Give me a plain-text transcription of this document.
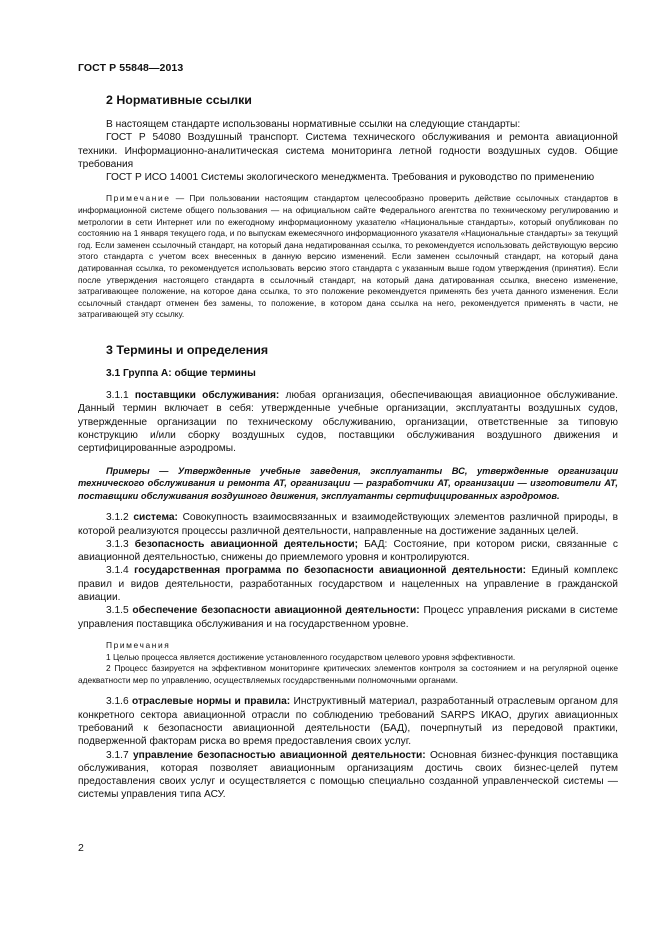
ГОСТ Р 55848—2013
2 Нормативные ссылки

В настоящем стандарте использованы нормативные ссылки на следующие стандарты:

ГОСТ Р 54080 Воздушный транспорт. Система технического обслуживания и ремонта авиационной техники. Информационно-аналитическая система мониторинга летной годности воздушных судов. Общие требования

ГОСТ Р ИСО 14001 Системы экологического менеджмента. Требования и руководство по применению

Примечание — При пользовании настоящим стандартом целесообразно проверить действие ссылочных стандартов в информационной системе общего пользования — на официальном сайте Федерального агентства по техническому регулированию и метрологии в сети Интернет или по ежегодному информационному указателю «Национальные стандарты», который опубликован по состоянию на 1 января текущего года, и по выпускам ежемесячного информационного указателя «Национальные стандарты» за текущий год. Если заменен ссылочный стандарт, на который дана недатированная ссылка, то рекомендуется использовать действующую версию этого стандарта с учетом всех внесенных в данную версию изменений. Если заменен ссылочный стандарт, на который дана датированная ссылка, то рекомендуется использовать версию этого стандарта с указанным выше годом утверждения (принятия). Если после утверждения настоящего стандарта в ссылочный стандарт, на который дана датированная ссылка, внесено изменение, затрагивающее положение, на которое дана ссылка, то это положение рекомендуется применять без учета данного изменения. Если ссылочный стандарт отменен без замены, то положение, в котором дана ссылка на него, рекомендуется применять в части, не затрагивающей эту ссылку.

3 Термины и определения
3.1 Группа А: общие термины

3.1.1 поставщики обслуживания: любая организация, обеспечивающая авиационное обслуживание. Данный термин включает в себя: утвержденные учебные организации, эксплуатанты воздушных судов, утвержденные организации по техническому обслуживанию, организации, ответственные за типовую конструкцию и/или сборку воздушных судов, поставщики обслуживания воздушного движения и сертифицированные аэродромы.

Примеры — Утвержденные учебные заведения, эксплуатанты ВС, утвержденные организации технического обслуживания и ремонта АТ, организации — разработчики АТ, организации — изготовители АТ, поставщики обслуживания воздушного движения, эксплуатанты сертифицированных аэродромов.

3.1.2 система: Совокупность взаимосвязанных и взаимодействующих элементов различной природы, в которой реализуются процессы различной деятельности, направленные на достижение заданных целей.

3.1.3 безопасность авиационной деятельности; БАД: Состояние, при котором риски, связанные с авиационной деятельностью, снижены до приемлемого уровня и контролируются.

3.1.4 государственная программа по безопасности авиационной деятельности: Единый комплекс правил и видов деятельности, разработанных государством и нацеленных на управление в гражданской авиации.

3.1.5 обеспечение безопасности авиационной деятельности: Процесс управления рисками в системе управления поставщика обслуживания и на государственном уровне.

Примечания

1 Целью процесса является достижение установленного государством целевого уровня эффективности.

2 Процесс базируется на эффективном мониторинге критических элементов контроля за состоянием и на регулярной оценке адекватности мер по управлению, осуществляемых государственными полномочными органами.

3.1.6 отраслевые нормы и правила: Инструктивный материал, разработанный отраслевым органом для конкретного сектора авиационной отрасли по соблюдению требований SARPS ИКАО, других авиационных требований к безопасности авиационной деятельности (БАД), почерпнутый из передовой практики, подверженной факторам риска во время предоставления своих услуг.

3.1.7 управление безопасностью авиационной деятельности: Основная бизнес-функция поставщика обслуживания, которая позволяет авиационным организациям достичь своих бизнес-целей путем предоставления своих услуг и осуществляется с помощью специально созданной управленческой системы — системы управления типа АСУ.

2
